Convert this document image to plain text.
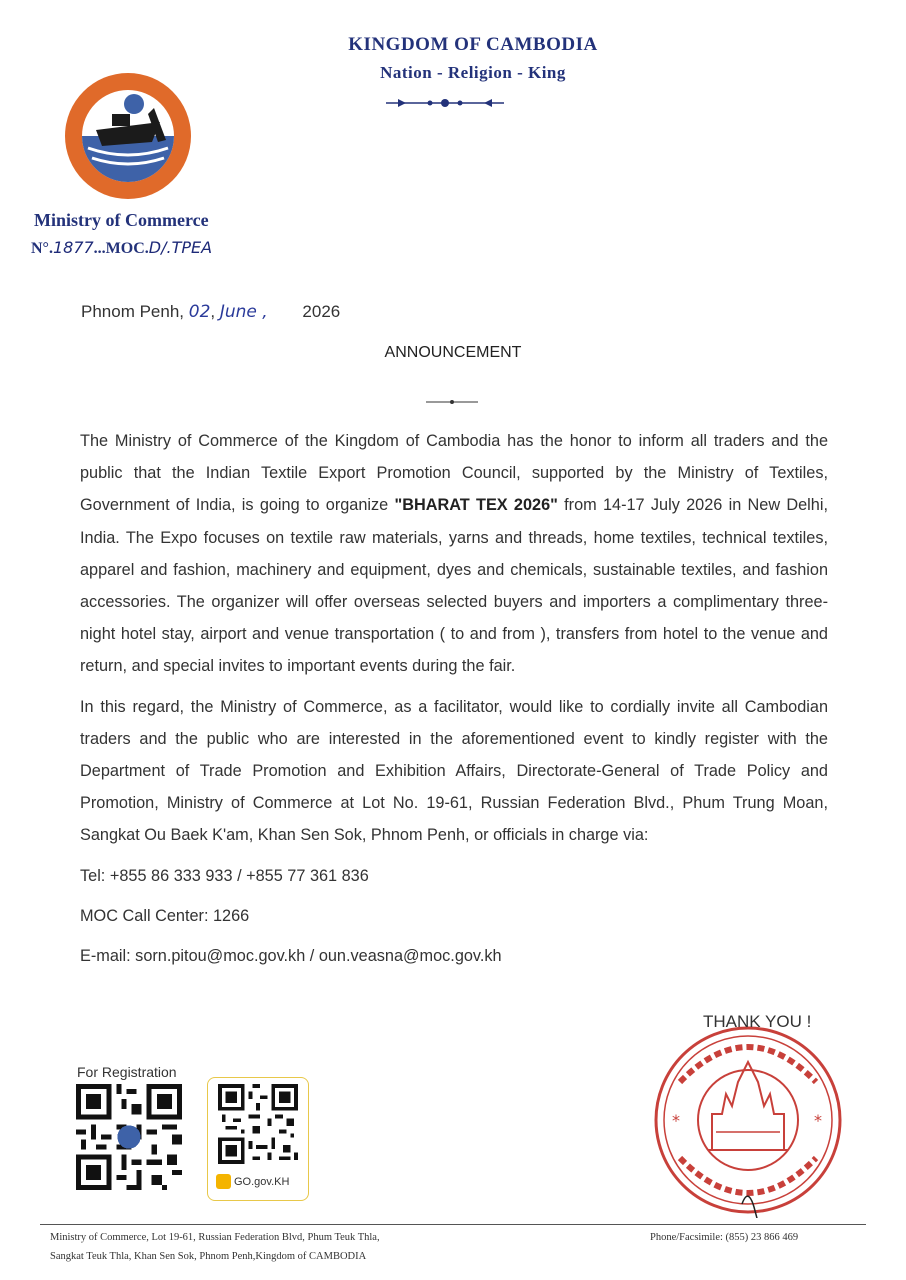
KINGDOM OF CAMBODIA
Nation - Religion - King
Ministry of Commerce
N°.1877...MOC.D/.TPEA
Phnom Penh, 02, June , 2026
ANNOUNCEMENT

The Ministry of Commerce of the Kingdom of Cambodia has the honor to inform all traders and the public that the Indian Textile Export Promotion Council, supported by the Ministry of Textiles, Government of India, is going to organize "BHARAT TEX 2026" from 14-17 July 2026 in New Delhi, India. The Expo focuses on textile raw materials, yarns and threads, home textiles, technical textiles, apparel and fashion, machinery and equipment, dyes and chemicals, sustainable textiles, and fashion accessories. The organizer will offer overseas selected buyers and importers a complimentary three-night hotel stay, airport and venue transportation ( to and from ), transfers from hotel to the venue and return, and special invites to important events during the fair.

In this regard, the Ministry of Commerce, as a facilitator, would like to cordially invite all Cambodian traders and the public who are interested in the aforementioned event to kindly register with the Department of Trade Promotion and Exhibition Affairs, Directorate-General of Trade Policy and Promotion, Ministry of Commerce at Lot No. 19-61, Russian Federation Blvd., Phum Trung Moan, Sangkat Ou Baek K'am, Khan Sen Sok, Phnom Penh, or officials in charge via:

Tel: +855 86 333 933 / +855 77 361 836

MOC Call Center: 1266

E-mail: sorn.pitou@moc.gov.kh / oun.veasna@moc.gov.kh

*	*
THANK YOU !
For Registration
GO.gov.KH
Ministry of Commerce, Lot 19-61, Russian Federation Blvd, Phum Teuk Thla,
Sangkat Teuk Thla, Khan Sen Sok, Phnom Penh,Kingdom of CAMBODIA
Phone/Facsimile: (855) 23 866 469
